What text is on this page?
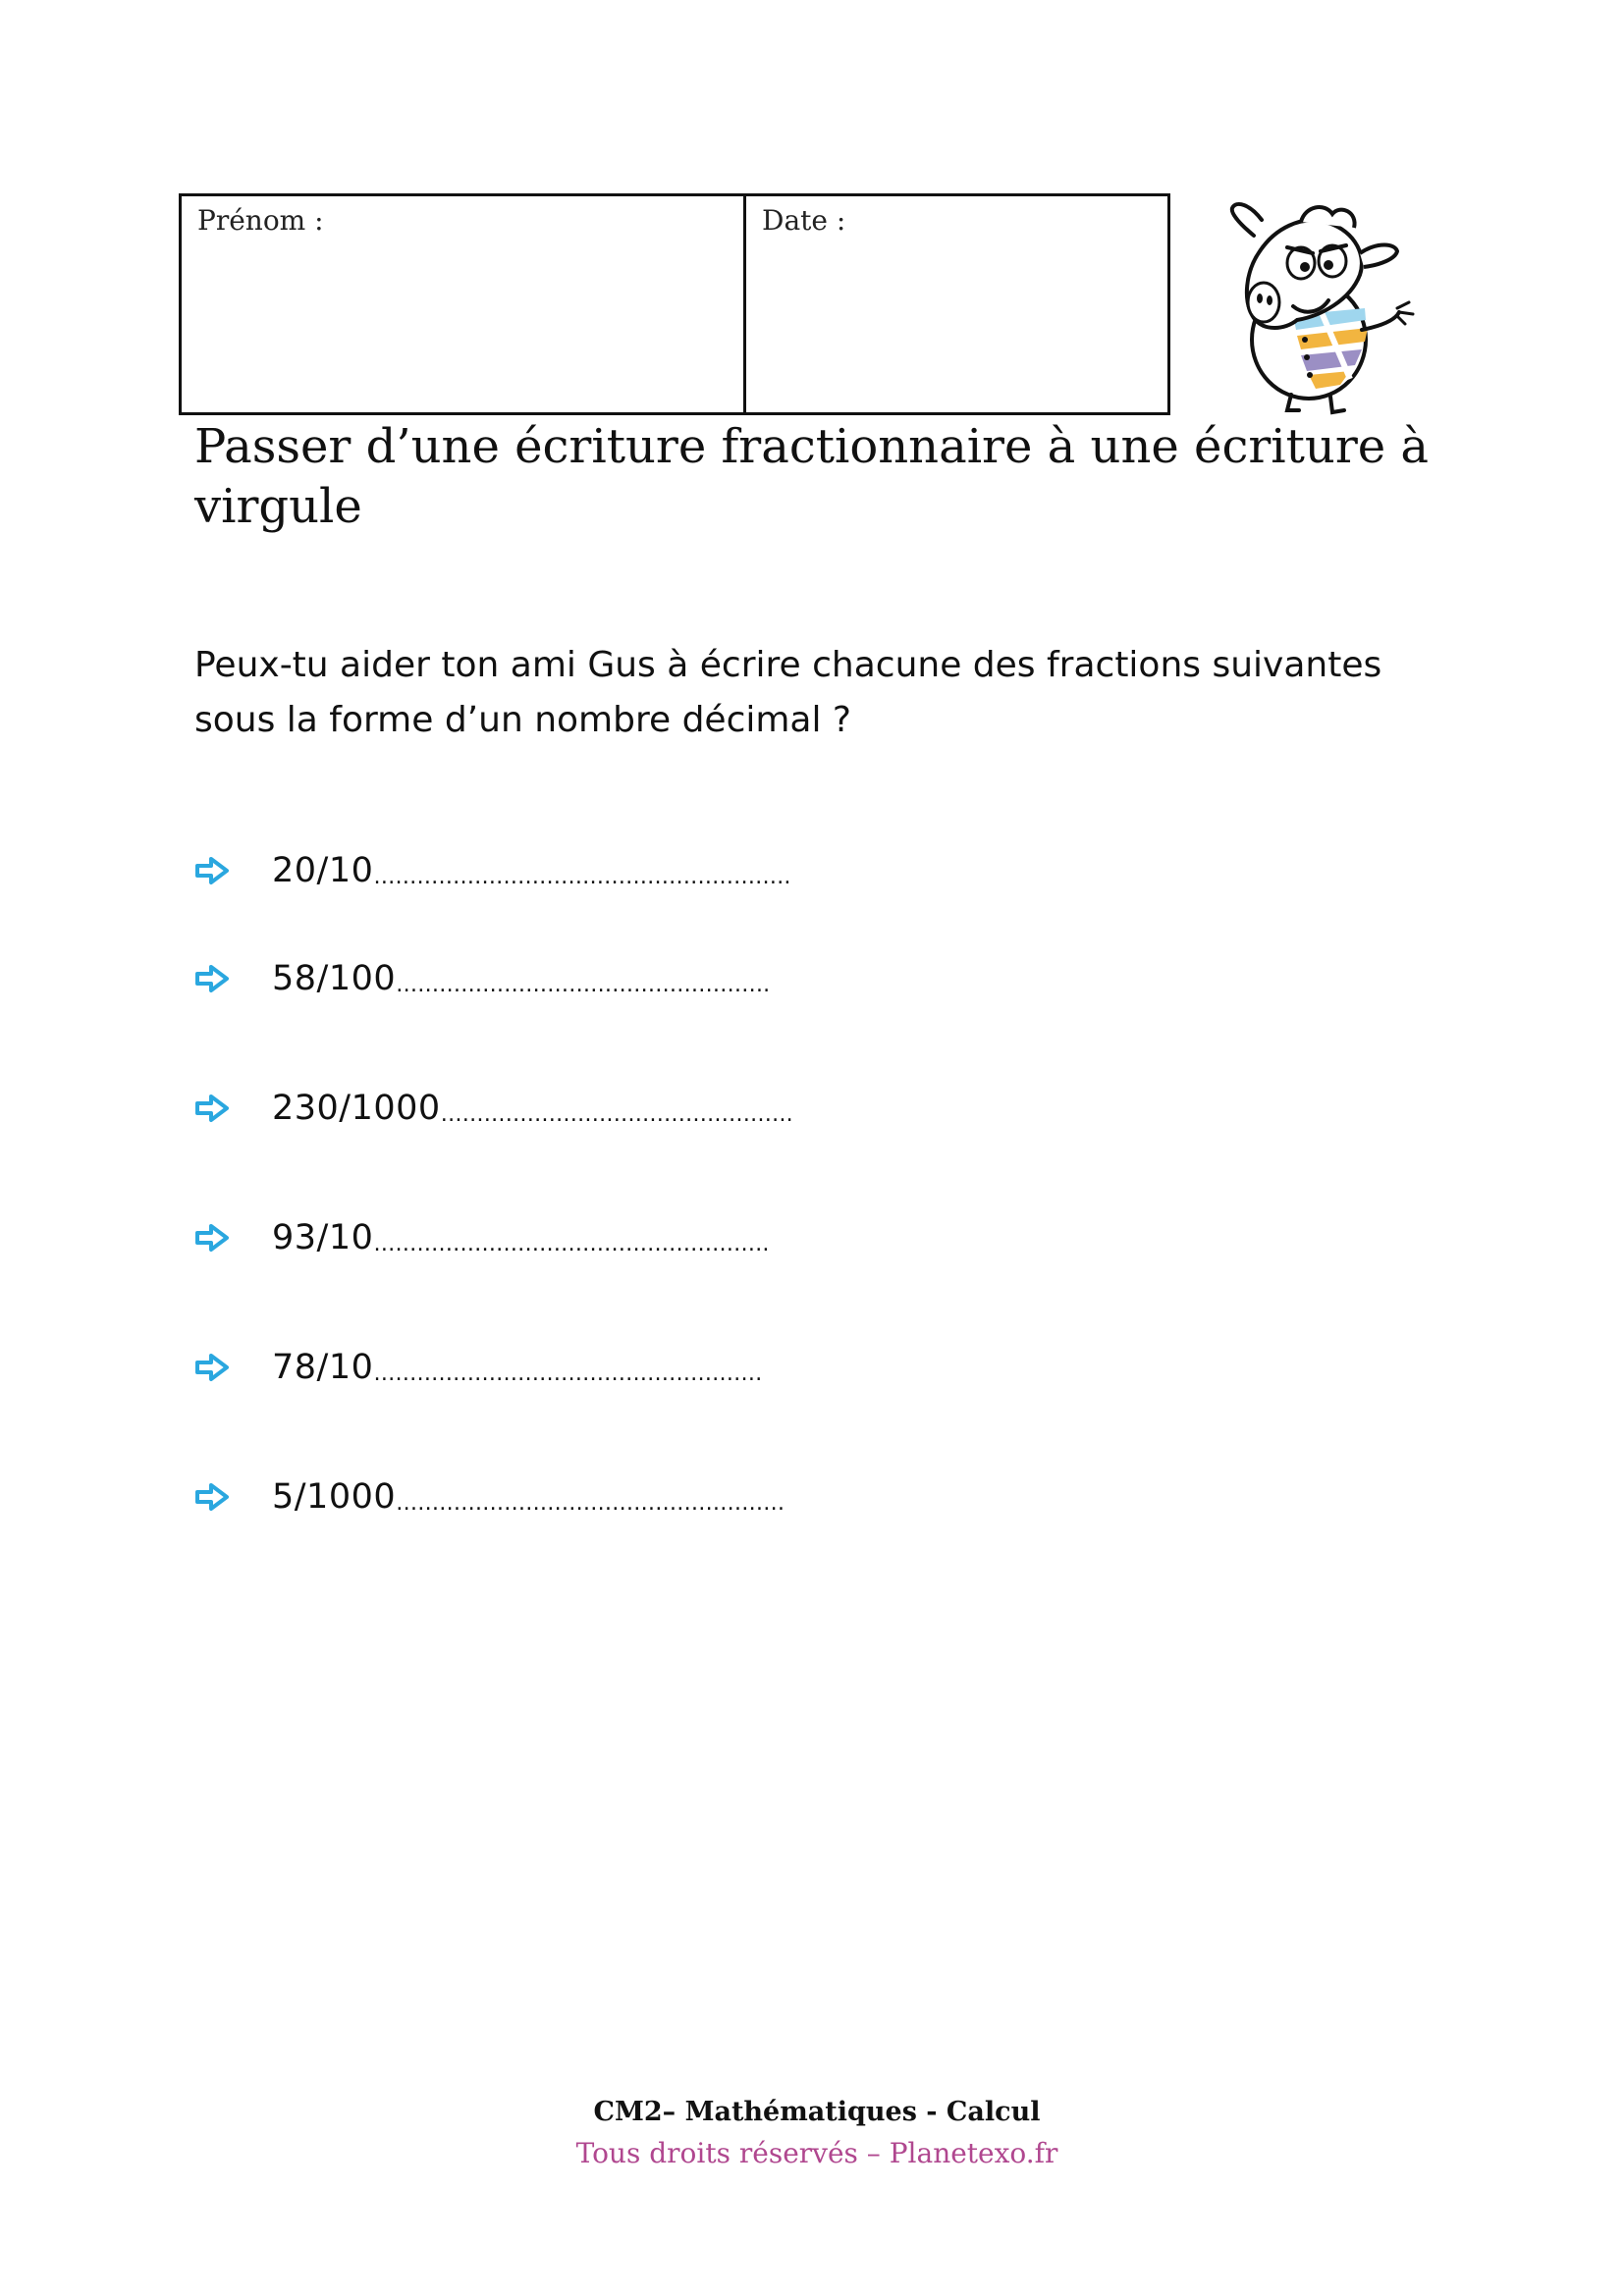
Prénom :	Date :
Passer d’une écriture fractionnaire à une écriture à virgule

Peux-tu aider ton ami Gus à écrire chacune des fractions suivantes sous la forme d’un nombre décimal ?

20/10 ………………………………………………….
58/100 …………………………………………….
230/1000 ………………………………………….
93/10 ……………………………………………….
78/10 ………………………………………………
5/1000 ………………………………………………
CM2– Mathématiques - Calcul
Tous droits réservés – Planetexo.fr
